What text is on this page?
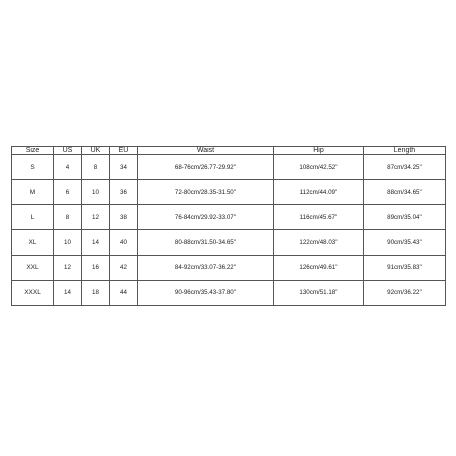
Size	US	UK	EU	Waist	Hip	Length
S	4	8	34	68-76cm/26.77-29.92''	108cm/42.52''	87cm/34.25''
M	6	10	36	72-80cm/28.35-31.50''	112cm/44.09''	88cm/34.65''
L	8	12	38	76-84cm/29.92-33.07''	116cm/45.67''	89cm/35.04''
XL	10	14	40	80-88cm/31.50-34.65''	122cm/48.03''	90cm/35.43''
XXL	12	16	42	84-92cm/33.07-36.22''	126cm/49.61''	91cm/35.83''
XXXL	14	18	44	90-96cm/35.43-37.80''	130cm/51.18''	92cm/36.22''
